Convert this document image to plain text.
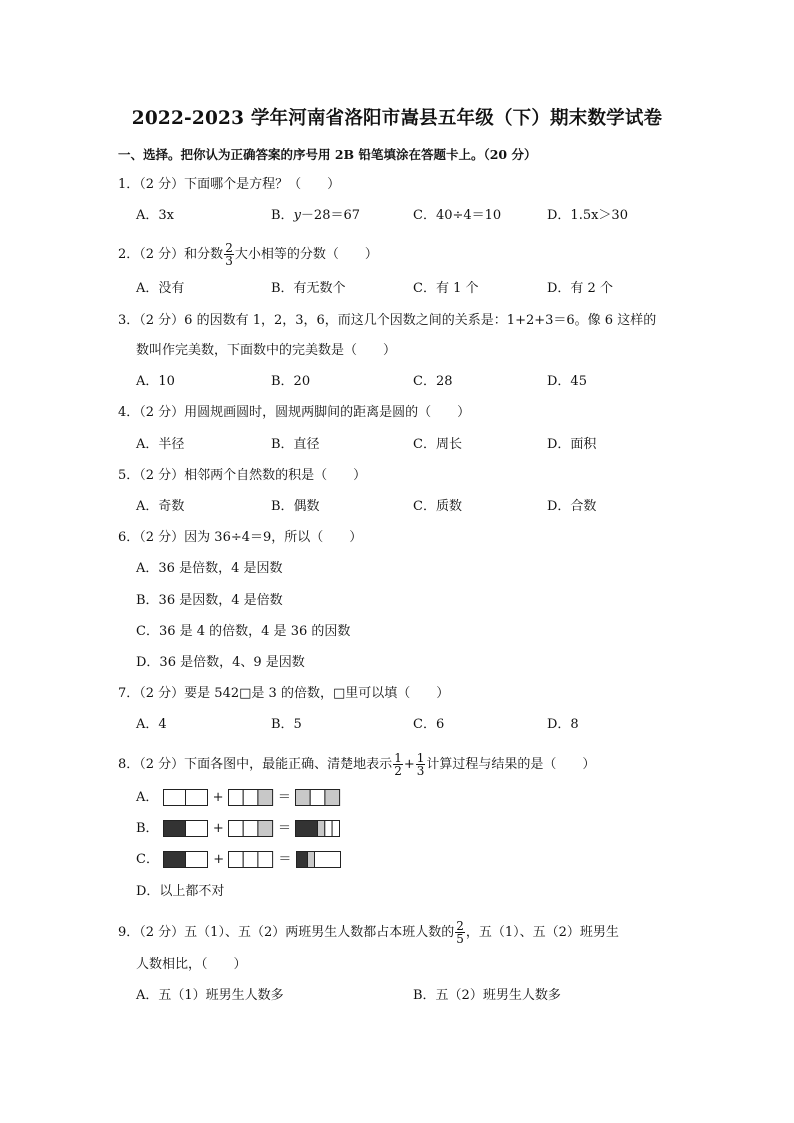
2022-2023 学年河南省洛阳市嵩县五年级（下）期末数学试卷
一、选择。把你认为正确答案的序号用 2B 铅笔填涂在答题卡上。（20 分）
1．（2 分）下面哪个是方程？（　　）
A．3x	B．y－28＝67	C．40÷4＝10	D．1.5x＞30
2．（2 分）和分数 $\frac{2}{3}$ 大小相等的分数（　　）
A．没有	B．有无数个	C．有 1 个	D．有 2 个
3．（2 分）6 的因数有 1，2，3，6，而这几个因数之间的关系是：1+2+3＝6。像 6 这样的
数叫作完美数，下面数中的完美数是（　　）
A．10	B．20	C．28	D．45
4．（2 分）用圆规画圆时，圆规两脚间的距离是圆的（　　）
A．半径	B．直径	C．周长	D．面积
5．（2 分）相邻两个自然数的积是（　　）
A．奇数	B．偶数	C．质数	D．合数
6．（2 分）因为 36÷4＝9，所以（　　）
A．36 是倍数，4 是因数
B．36 是因数，4 是倍数
C．36 是 4 的倍数，4 是 36 的因数
D．36 是倍数，4、9 是因数
7．（2 分）要是 542□是 3 的倍数，□里可以填（　　）
A．4	B．5	C．6	D．8
8．（2 分）下面各图中，最能正确、清楚地表示 $\frac{1}{2} + \frac{1}{3}$ 计算过程与结果的是（　　）
A．	+	＝
B．	+	＝
C．	+	＝
D．以上都不对
9．（2 分）五（1）、五（2）两班男生人数都占本班人数的 $\frac{2}{5}$ ，五（1）、五（2）班男生
人数相比，（　　）
A．五（1）班男生人数多	B．五（2）班男生人数多
